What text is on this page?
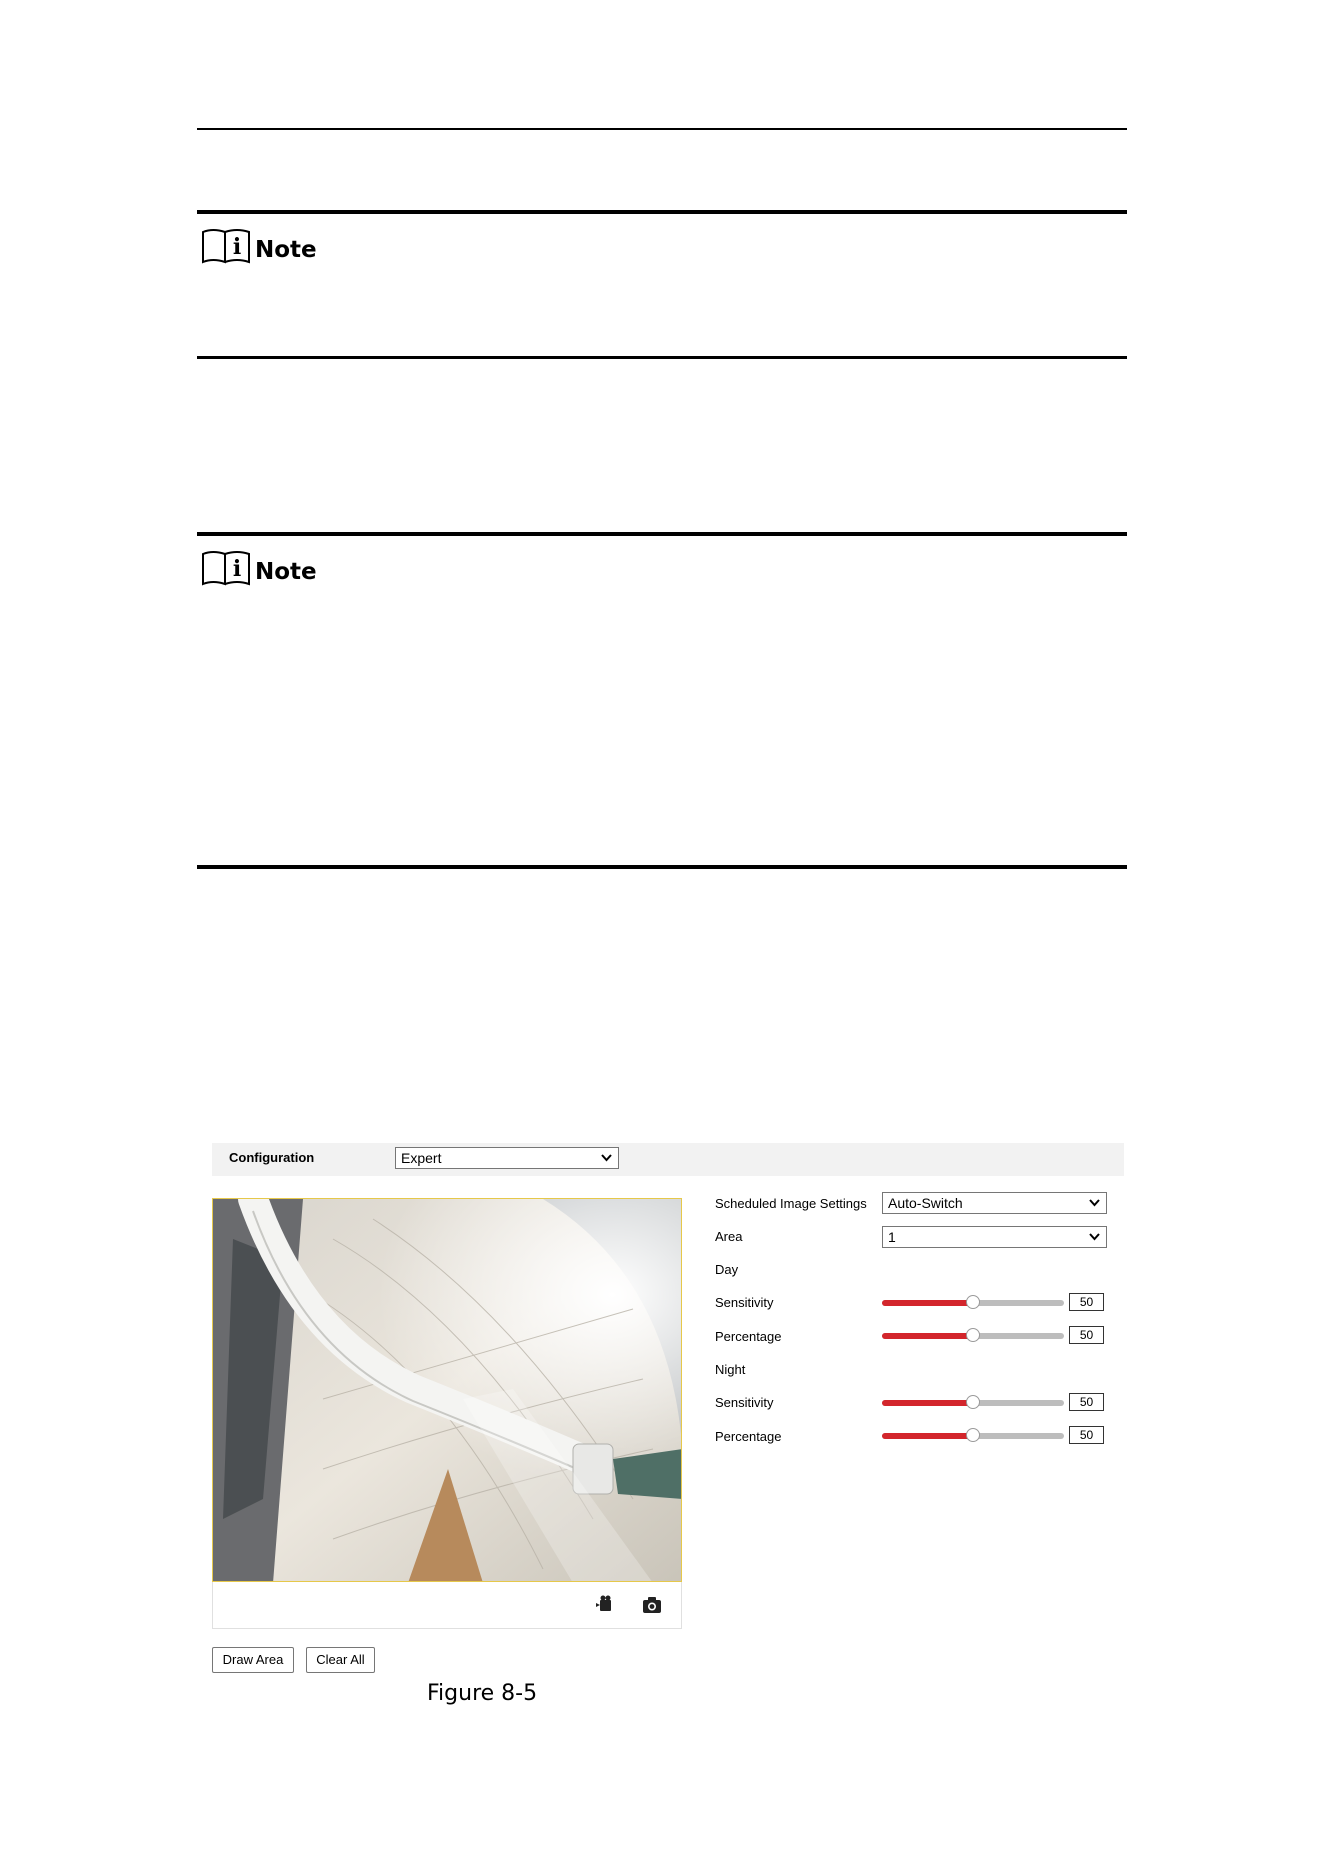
i Note
i Note
Configuration	Expert
Draw Area	Clear All
Scheduled Image Settings	Auto-Switch
Area	1
Day
Sensitivity	50
Percentage	50
Night
Sensitivity	50
Percentage	50
Figure 8-5
